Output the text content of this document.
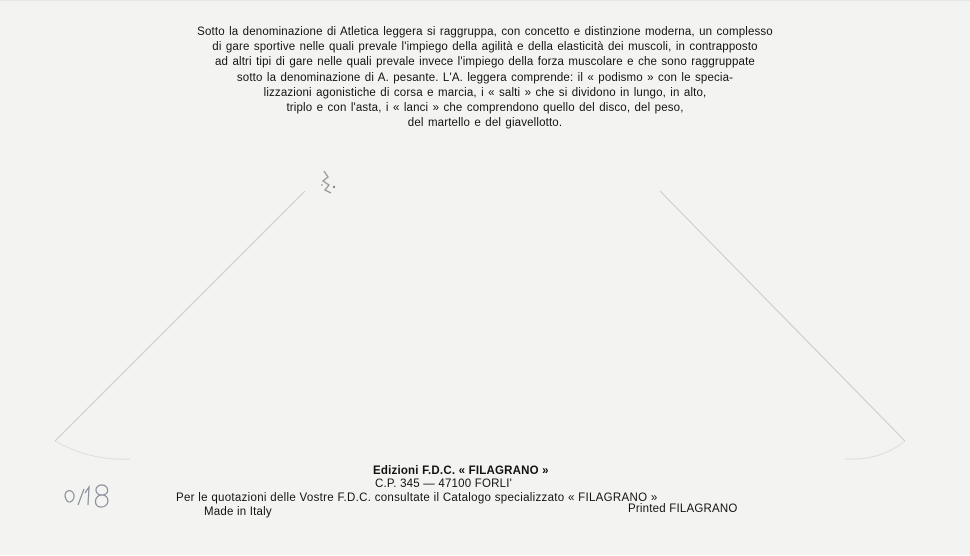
Sotto la denominazione di Atletica leggera si raggruppa, con concetto e distinzione moderna, un complesso
di gare sportive nelle quali prevale l'impiego della agilità e della elasticità dei muscoli, in contrapposto
ad altri tipi di gare nelle quali prevale invece l'impiego della forza muscolare e che sono raggruppate
sotto la denominazione di A. pesante. L'A. leggera comprende: il « podismo » con le specia-
lizzazioni agonistiche di corsa e marcia, i « salti » che si dividono in lungo, in alto,
triplo e con l'asta, i « lanci » che comprendono quello del disco, del peso,
del martello e del giavellotto.
Edizioni F.D.C. « FILAGRANO »
C.P. 345 — 47100 FORLI'
Per le quotazioni delle Vostre F.D.C. consultate il Catalogo specializzato « FILAGRANO »
Made in Italy	Printed FILAGRANO
